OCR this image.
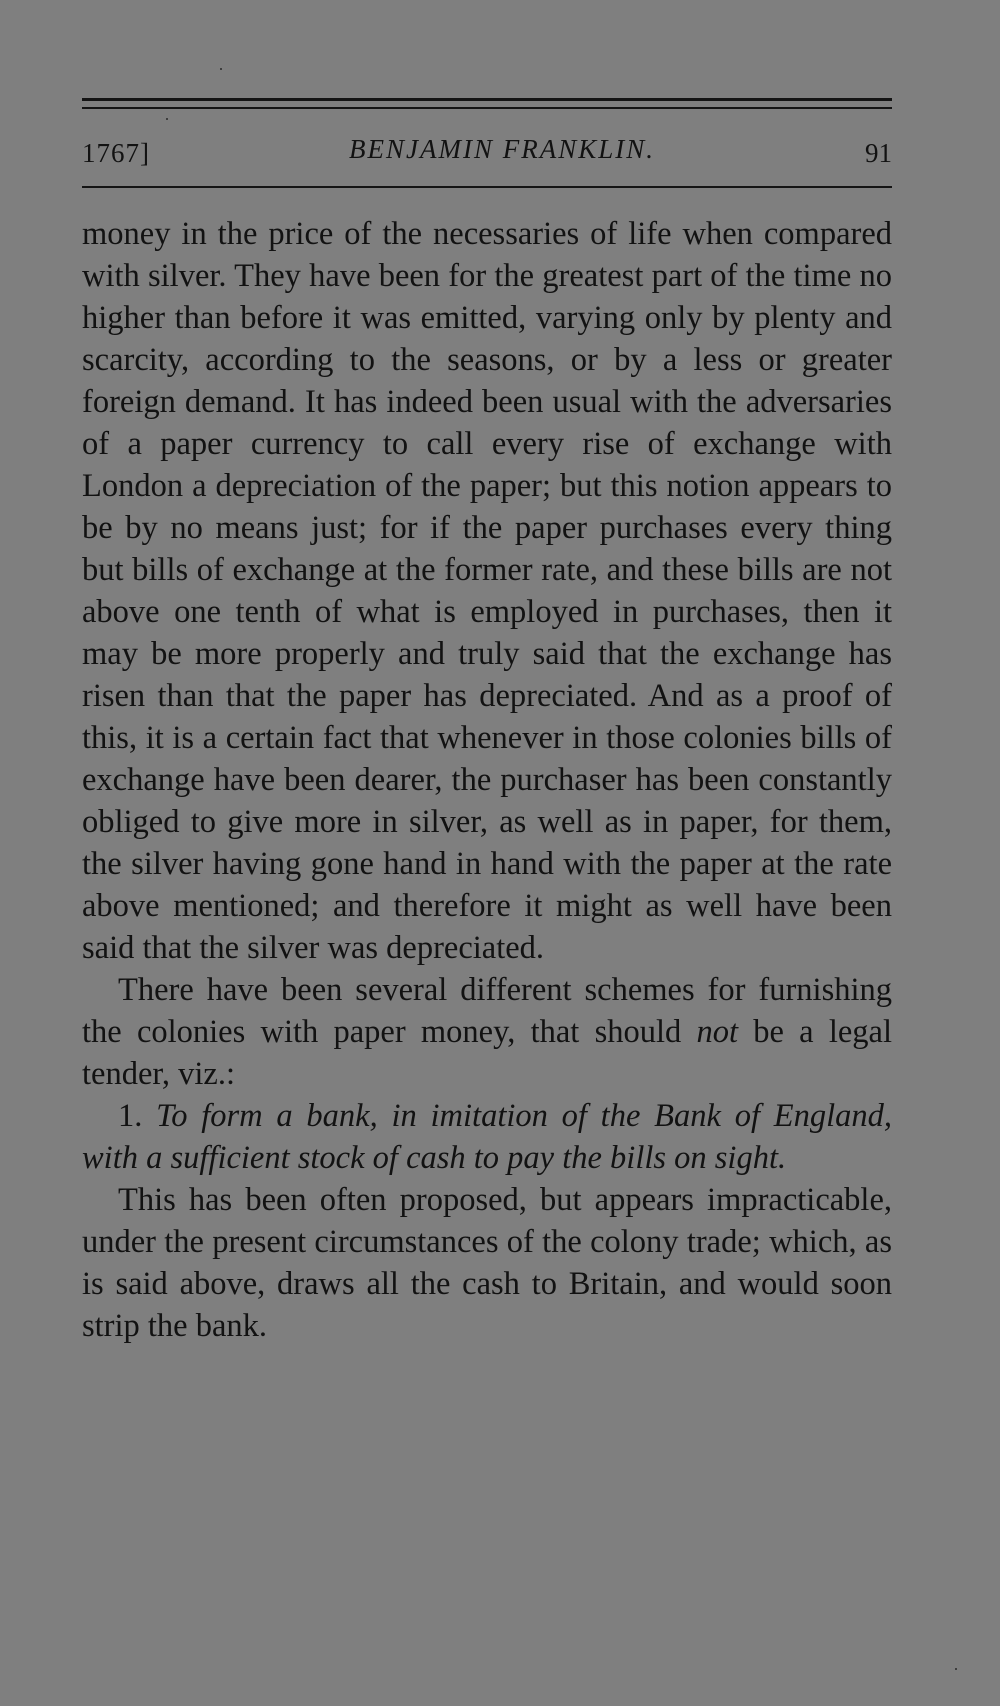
1767]	BENJAMIN FRANKLIN.	91

money in the price of the necessaries of life when compared with silver. They have been for the greatest part of the time no higher than before it was emitted, varying only by plenty and scarcity, according to the seasons, or by a less or greater foreign demand. It has indeed been usual with the adversaries of a paper currency to call every rise of exchange with London a depreciation of the paper; but this notion appears to be by no means just; for if the paper purchases every thing but bills of exchange at the former rate, and these bills are not above one tenth of what is employed in purchases, then it may be more properly and truly said that the exchange has risen than that the paper has depreciated. And as a proof of this, it is a certain fact that whenever in those colonies bills of exchange have been dearer, the purchaser has been constantly obliged to give more in silver, as well as in paper, for them, the silver having gone hand in hand with the paper at the rate above mentioned; and therefore it might as well have been said that the silver was depreciated.

There have been several different schemes for furnishing the colonies with paper money, that should not be a legal tender, viz.:

1. To form a bank, in imitation of the Bank of England, with a sufficient stock of cash to pay the bills on sight.

This has been often proposed, but appears impracticable, under the present circumstances of the colony trade; which, as is said above, draws all the cash to Britain, and would soon strip the bank.
